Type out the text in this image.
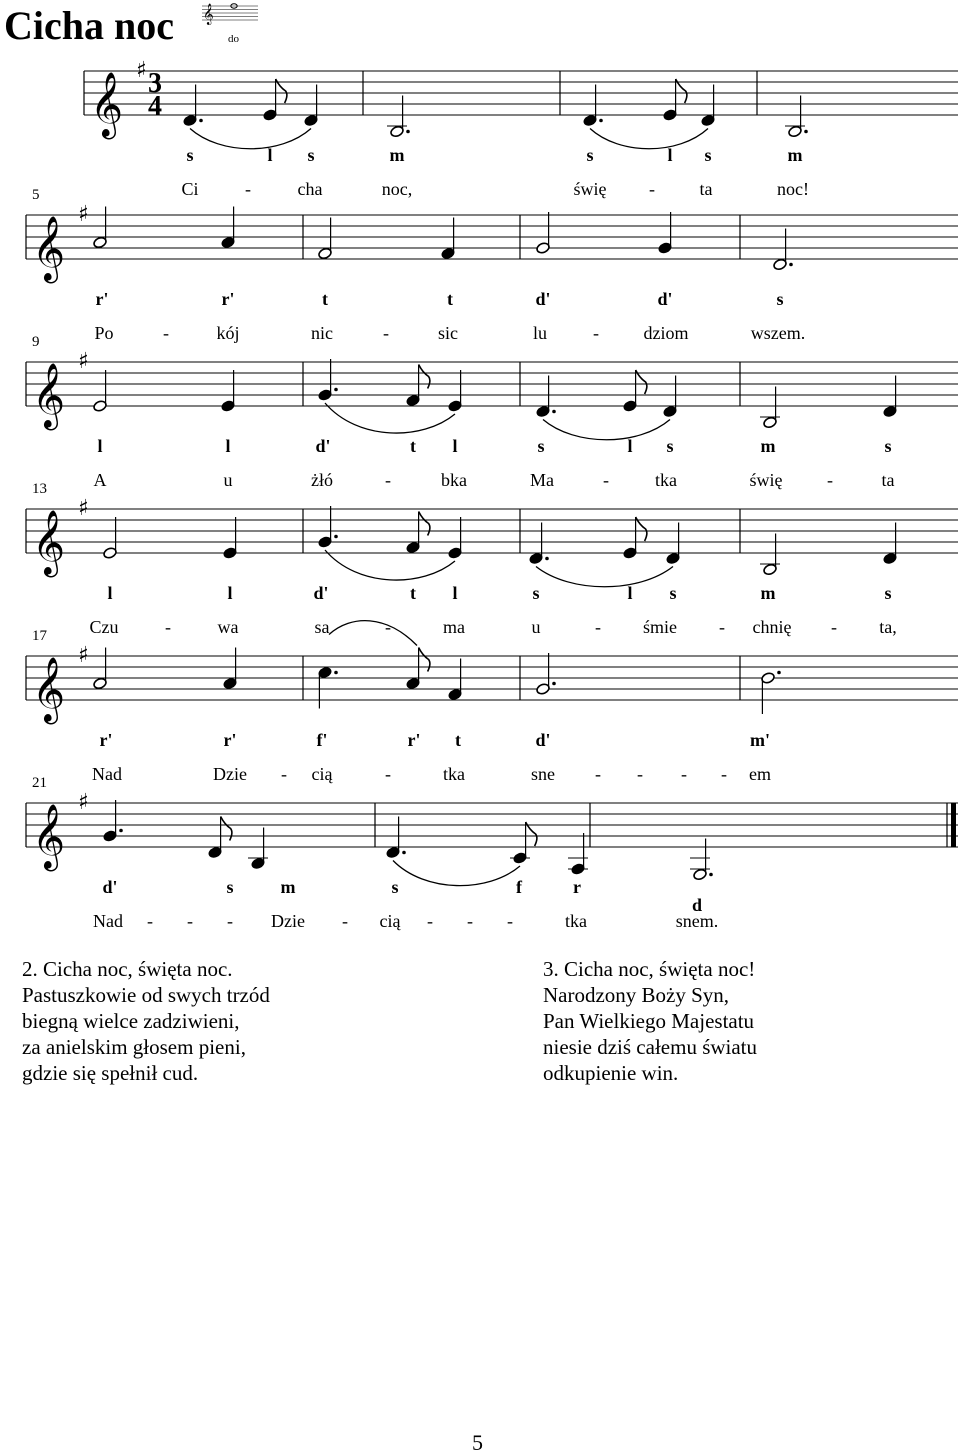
Cicha noc 𝄞
do
𝄞
♯ 3
4
s	l s	m	s	l s	m
Ci	-	cha	noc,	świę - ta	noc!
𝄞
♯
5
r'	r'	t	t	d'	d'	s
Po	-	kój	nic	-	sic	lu	- dziom	wszem.
𝄞
♯
9
l	l	d'	t l	s	l s	m	s
A	u	żłó	-	bka	Ma	-	tka	świę -	ta
𝄞
♯
13
l	l	d'	t l	s	l s	m	s
Czu	-	wa	sa	-	ma	u	- śmie - chnię - ta,
𝄞
♯
17
r'	r'	f'	r' t	d'	m'
Nad	Dzie - cią	-	tka	sne - - - - em
𝄞
♯
21
d'	s	m	s	f	r
d
Nad - - - Dzie - cią - - -	tka	snem.
2. Cicha noc, święta noc.
Pastuszkowie od swych trzód
biegną wielce zadziwieni,
za anielskim głosem pieni,
gdzie się spełnił cud.
3. Cicha noc, święta noc!
Narodzony Boży Syn,
Pan Wielkiego Majestatu
niesie dziś całemu światu
odkupienie win.
5
